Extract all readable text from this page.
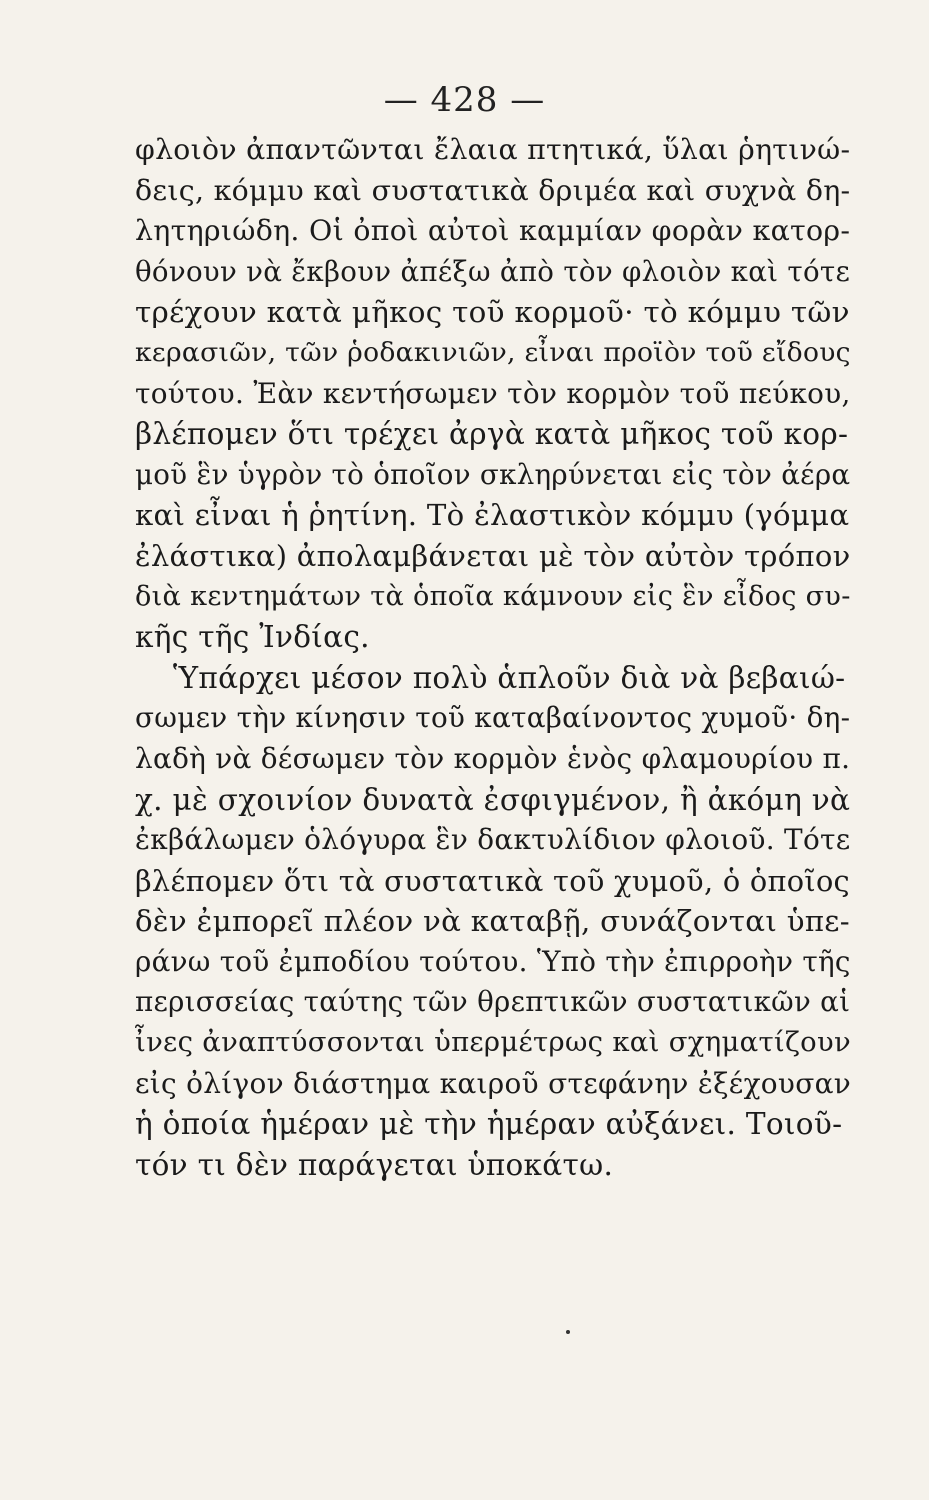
— 428 —
φλοιὸν ἀπαντῶνται ἔλαια πτητικά, ὕλαι ῥητινώ-
δεις, κόμμυ καὶ συστατικὰ δριμέα καὶ συχνὰ δη-
λητηριώδη. Οἱ ὀποὶ αὐτοὶ καμμίαν φορὰν κατορ-
θόνουν νὰ ἔκβουν ἀπέξω ἀπὸ τὸν φλοιὸν καὶ τότε
τρέχουν κατὰ μῆκος τοῦ κορμοῦ· τὸ κόμμυ τῶν
κερασιῶν, τῶν ῥοδακινιῶν, εἶναι προϊὸν τοῦ εἴδους
τούτου. Ἐὰν κεντήσωμεν τὸν κορμὸν τοῦ πεύκου,
βλέπομεν ὅτι τρέχει ἀργὰ κατὰ μῆκος τοῦ κορ-
μοῦ ἓν ὑγρὸν τὸ ὁποῖον σκληρύνεται εἰς τὸν ἀέρα
καὶ εἶναι ἡ ῥητίνη. Τὸ ἐλαστικὸν κόμμυ (γόμμα
ἐλάστικα) ἀπολαμβάνεται μὲ τὸν αὐτὸν τρόπον
διὰ κεντημάτων τὰ ὁποῖα κάμνουν εἰς ἓν εἶδος συ-
κῆς τῆς Ἰνδίας.
Ὑπάρχει μέσον πολὺ ἁπλοῦν διὰ νὰ βεβαιώ-
σωμεν τὴν κίνησιν τοῦ καταβαίνοντος χυμοῦ· δη-
λαδὴ νὰ δέσωμεν τὸν κορμὸν ἑνὸς φλαμουρίου π.
χ. μὲ σχοινίον δυνατὰ ἐσφιγμένον, ἢ ἀκόμη νὰ
ἐκβάλωμεν ὁλόγυρα ἓν δακτυλίδιον φλοιοῦ. Τότε
βλέπομεν ὅτι τὰ συστατικὰ τοῦ χυμοῦ, ὁ ὁποῖος
δὲν ἐμπορεῖ πλέον νὰ καταβῇ, συνάζονται ὑπε-
ράνω τοῦ ἐμποδίου τούτου. Ὑπὸ τὴν ἐπιρροὴν τῆς
περισσείας ταύτης τῶν θρεπτικῶν συστατικῶν αἱ
ἶνες ἀναπτύσσονται ὑπερμέτρως καὶ σχηματίζουν
εἰς ὀλίγον διάστημα καιροῦ στεφάνην ἐξέχουσαν
ἡ ὁποία ἡμέραν μὲ τὴν ἡμέραν αὐξάνει. Τοιοῦ-
τόν τι δὲν παράγεται ὑποκάτω.
